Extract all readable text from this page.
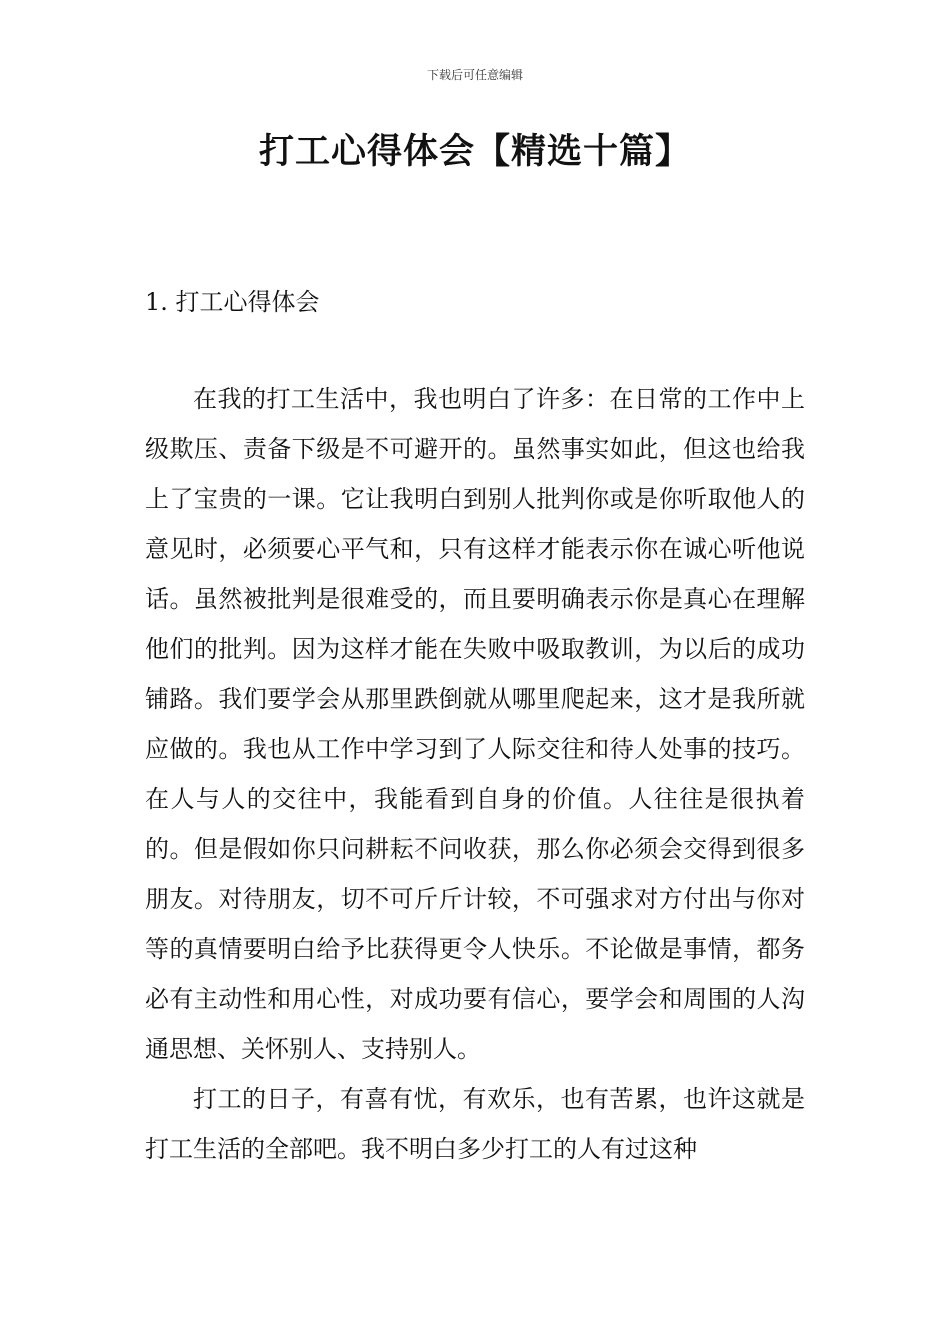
下载后可任意编辑
打工心得体会【精选十篇】
1. 打工心得体会

在我的打工生活中，我也明白了许多：在日常的工作中上级欺压、责备下级是不可避开的。虽然事实如此，但这也给我上了宝贵的一课。它让我明白到别人批判你或是你听取他人的意见时，必须要心平气和，只有这样才能表示你在诚心听他说话。虽然被批判是很难受的，而且要明确表示你是真心在理解他们的批判。因为这样才能在失败中吸取教训，为以后的成功铺路。我们要学会从那里跌倒就从哪里爬起来，这才是我所就应做的。我也从工作中学习到了人际交往和待人处事的技巧。在人与人的交往中，我能看到自身的价值。人往往是很执着的。但是假如你只问耕耘不问收获，那么你必须会交得到很多朋友。对待朋友，切不可斤斤计较，不可强求对方付出与你对等的真情要明白给予比获得更令人快乐。不论做是事情，都务必有主动性和用心性，对成功要有信心，要学会和周围的人沟通思想、关怀别人、支持别人。

打工的日子，有喜有忧，有欢乐，也有苦累，也许这就是打工生活的全部吧。我不明白多少打工的人有过这种
